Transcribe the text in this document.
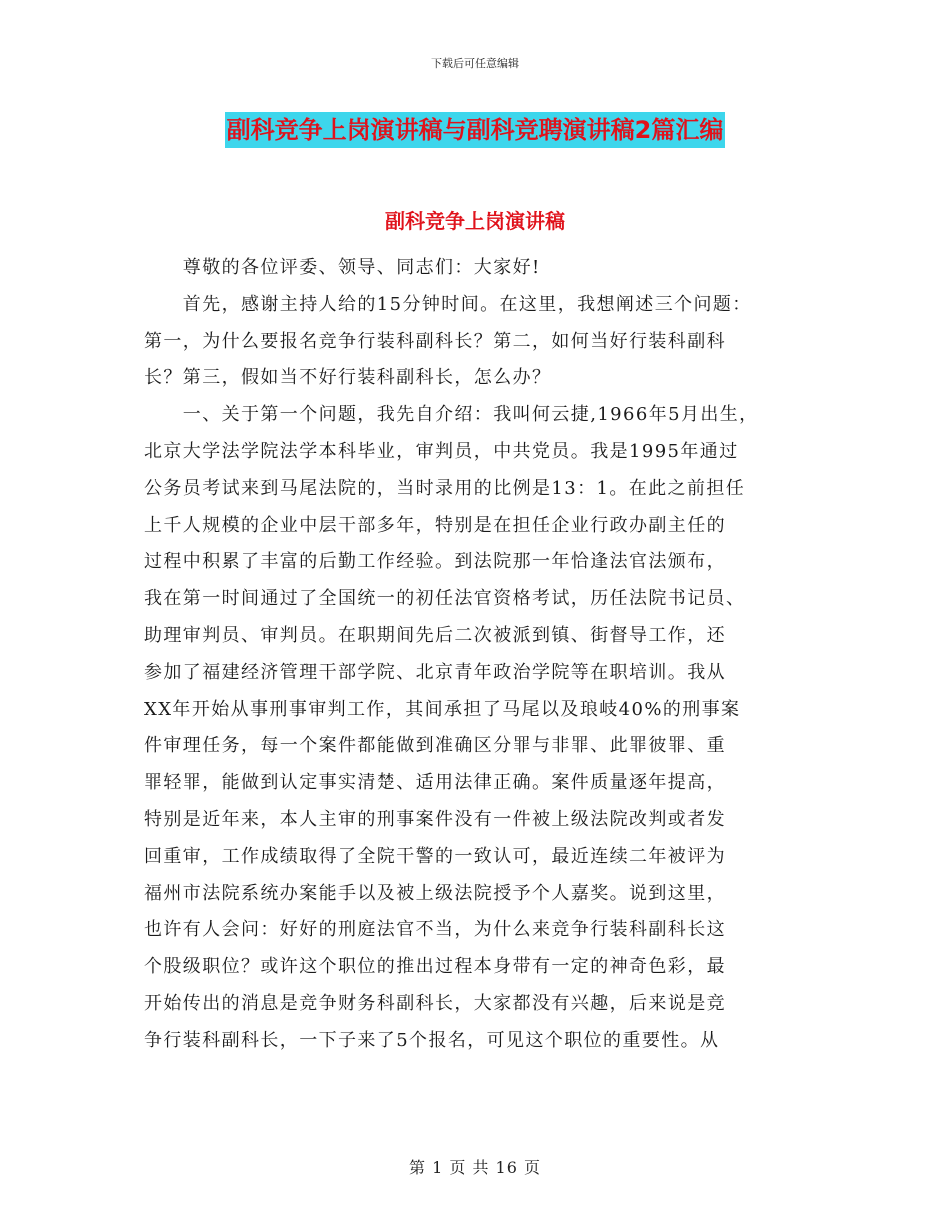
下载后可任意编辑
副科竞争上岗演讲稿与副科竞聘演讲稿2篇汇编
副科竞争上岗演讲稿
　　尊敬的各位评委、领导、同志们：大家好!
　　首先，感谢主持人给的15分钟时间。在这里，我想阐述三个问题：
第一，为什么要报名竞争行装科副科长？第二，如何当好行装科副科
长？第三，假如当不好行装科副科长，怎么办？
　　一、关于第一个问题，我先自介绍：我叫何云捷,1966年5月出生，
北京大学法学院法学本科毕业，审判员，中共党员。我是1995年通过
公务员考试来到马尾法院的，当时录用的比例是13：1。在此之前担任
上千人规模的企业中层干部多年，特别是在担任企业行政办副主任的
过程中积累了丰富的后勤工作经验。到法院那一年恰逢法官法颁布，
我在第一时间通过了全国统一的初任法官资格考试，历任法院书记员、
助理审判员、审判员。在职期间先后二次被派到镇、街督导工作，还
参加了福建经济管理干部学院、北京青年政治学院等在职培训。我从
XX年开始从事刑事审判工作，其间承担了马尾以及琅岐40%的刑事案
件审理任务，每一个案件都能做到准确区分罪与非罪、此罪彼罪、重
罪轻罪，能做到认定事实清楚、适用法律正确。案件质量逐年提高，
特别是近年来，本人主审的刑事案件没有一件被上级法院改判或者发
回重审，工作成绩取得了全院干警的一致认可，最近连续二年被评为
福州市法院系统办案能手以及被上级法院授予个人嘉奖。说到这里，
也许有人会问：好好的刑庭法官不当，为什么来竞争行装科副科长这
个股级职位？或许这个职位的推出过程本身带有一定的神奇色彩，最
开始传出的消息是竞争财务科副科长，大家都没有兴趣，后来说是竞
争行装科副科长，一下子来了5个报名，可见这个职位的重要性。从
第 1 页 共 16 页
